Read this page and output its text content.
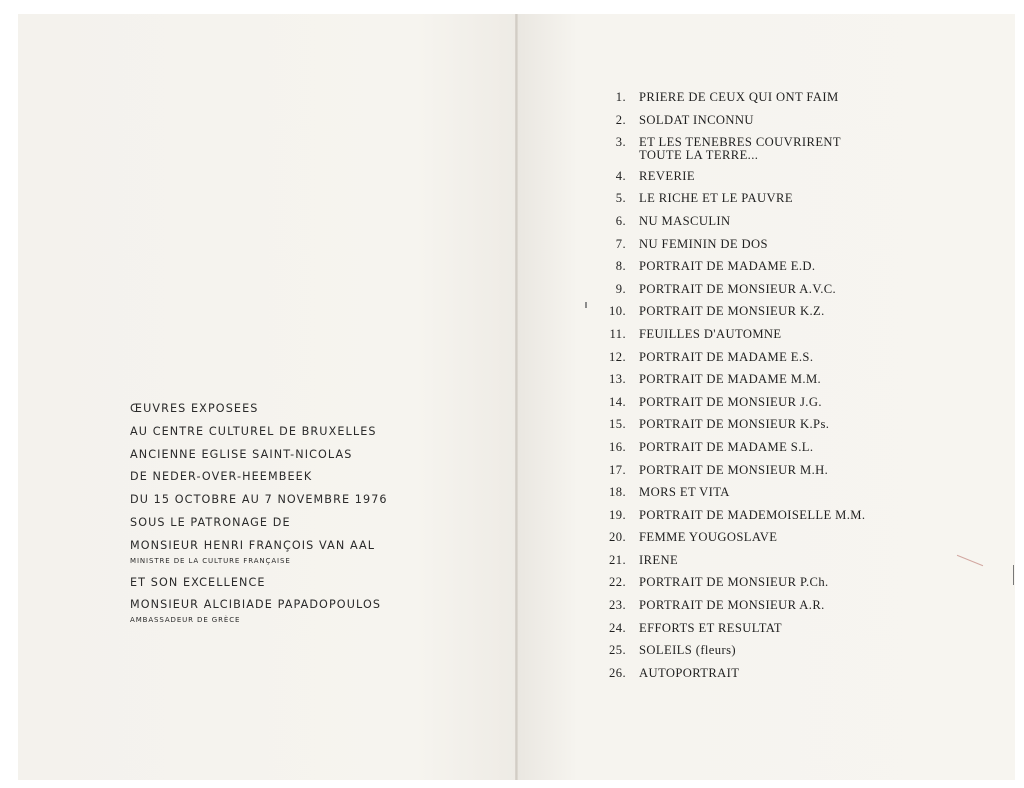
ŒUVRES EXPOSEES
AU CENTRE CULTUREL DE BRUXELLES
ANCIENNE EGLISE SAINT-NICOLAS
DE NEDER-OVER-HEEMBEEK
DU 15 OCTOBRE AU 7 NOVEMBRE 1976
SOUS LE PATRONAGE DE
MONSIEUR HENRI FRANÇOIS VAN AAL
MINISTRE DE LA CULTURE FRANÇAISE
ET SON EXCELLENCE
MONSIEUR ALCIBIADE PAPADOPOULOS
AMBASSADEUR DE GRÈCE
1. PRIERE DE CEUX QUI ONT FAIM
2. SOLDAT INCONNU
3. ET LES TENEBRES COUVRIRENT
TOUTE LA TERRE...
4. REVERIE
5. LE RICHE ET LE PAUVRE
6. NU MASCULIN
7. NU FEMININ DE DOS
8. PORTRAIT DE MADAME E.D.
9. PORTRAIT DE MONSIEUR A.V.C.
10. PORTRAIT DE MONSIEUR K.Z.
11. FEUILLES D'AUTOMNE
12. PORTRAIT DE MADAME E.S.
13. PORTRAIT DE MADAME M.M.
14. PORTRAIT DE MONSIEUR J.G.
15. PORTRAIT DE MONSIEUR K.Ps.
16. PORTRAIT DE MADAME S.L.
17. PORTRAIT DE MONSIEUR M.H.
18. MORS ET VITA
19. PORTRAIT DE MADEMOISELLE M.M.
20. FEMME YOUGOSLAVE
21. IRENE
22. PORTRAIT DE MONSIEUR P.Ch.
23. PORTRAIT DE MONSIEUR A.R.
24. EFFORTS ET RESULTAT
25. SOLEILS (fleurs)
26. AUTOPORTRAIT
